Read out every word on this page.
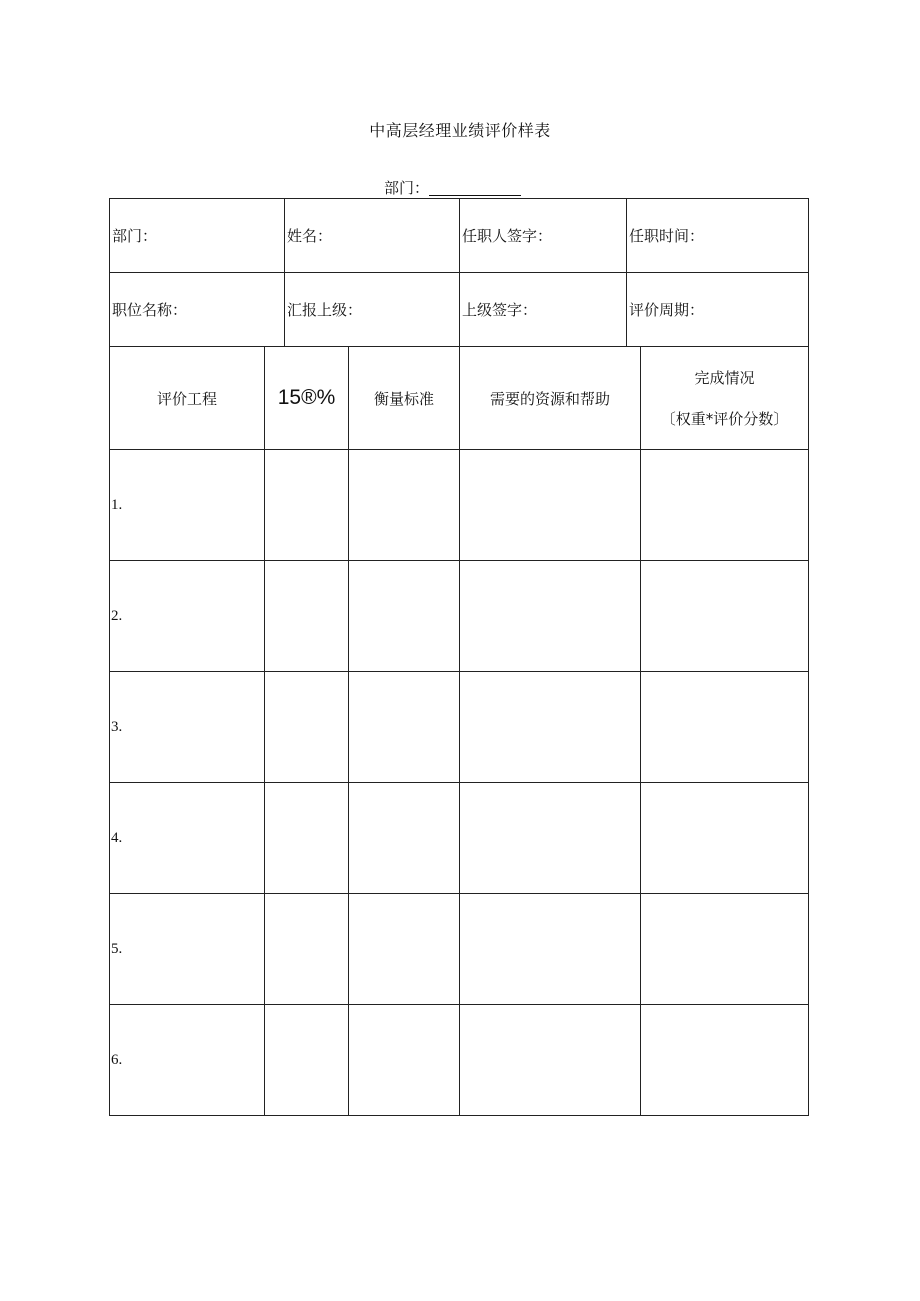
中高层经理业绩评价样表
部门：
部门：	姓名：	任职人签字：	任职时间：
职位名称：	汇报上级：	上级签字：	评价周期：
评价工程	15®%	衡量标准	需要的资源和帮助	完成情况
〔权重*评价分数〕

1.				
2.				
3.				
4.				
5.				
6.				
